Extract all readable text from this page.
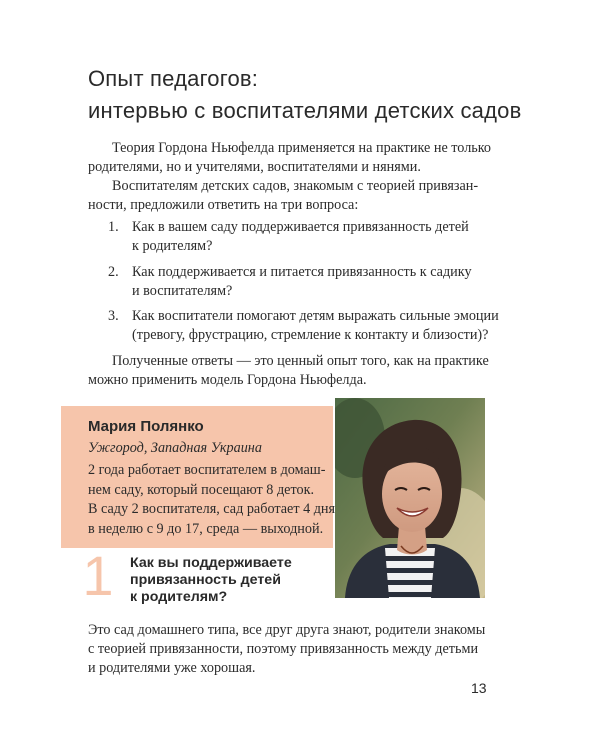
Опыт педагогов:
интервью с воспитателями детских садов
Теория Гордона Ньюфелда применяется на практике не только
родителями, но и учителями, воспитателями и нянями.
Воспитателям детских садов, знакомым с теорией привязан-
ности, предложили ответить на три вопроса:
1. Как в вашем саду поддерживается привязанность детей
к родителям?
2. Как поддерживается и питается привязанность к садику
и воспитателям?
3. Как воспитатели помогают детям выражать сильные эмоции
(тревогу, фрустрацию, стремление к контакту и близости)?
Полученные ответы — это ценный опыт того, как на практике
можно применить модель Гордона Ньюфелда.
Мария Полянко
Ужгород, Западная Украина
2 года работает воспитателем в домаш-
нем саду, который посещают 8 деток.
В саду 2 воспитателя, сад работает 4 дня
в неделю с 9 до 17, среда — выходной.
1	Как вы поддерживаете
привязанность детей
к родителям?
Это сад домашнего типа, все друг друга знают, родители знакомы
с теорией привязанности, поэтому привязанность между детьми
и родителями уже хорошая.
13
